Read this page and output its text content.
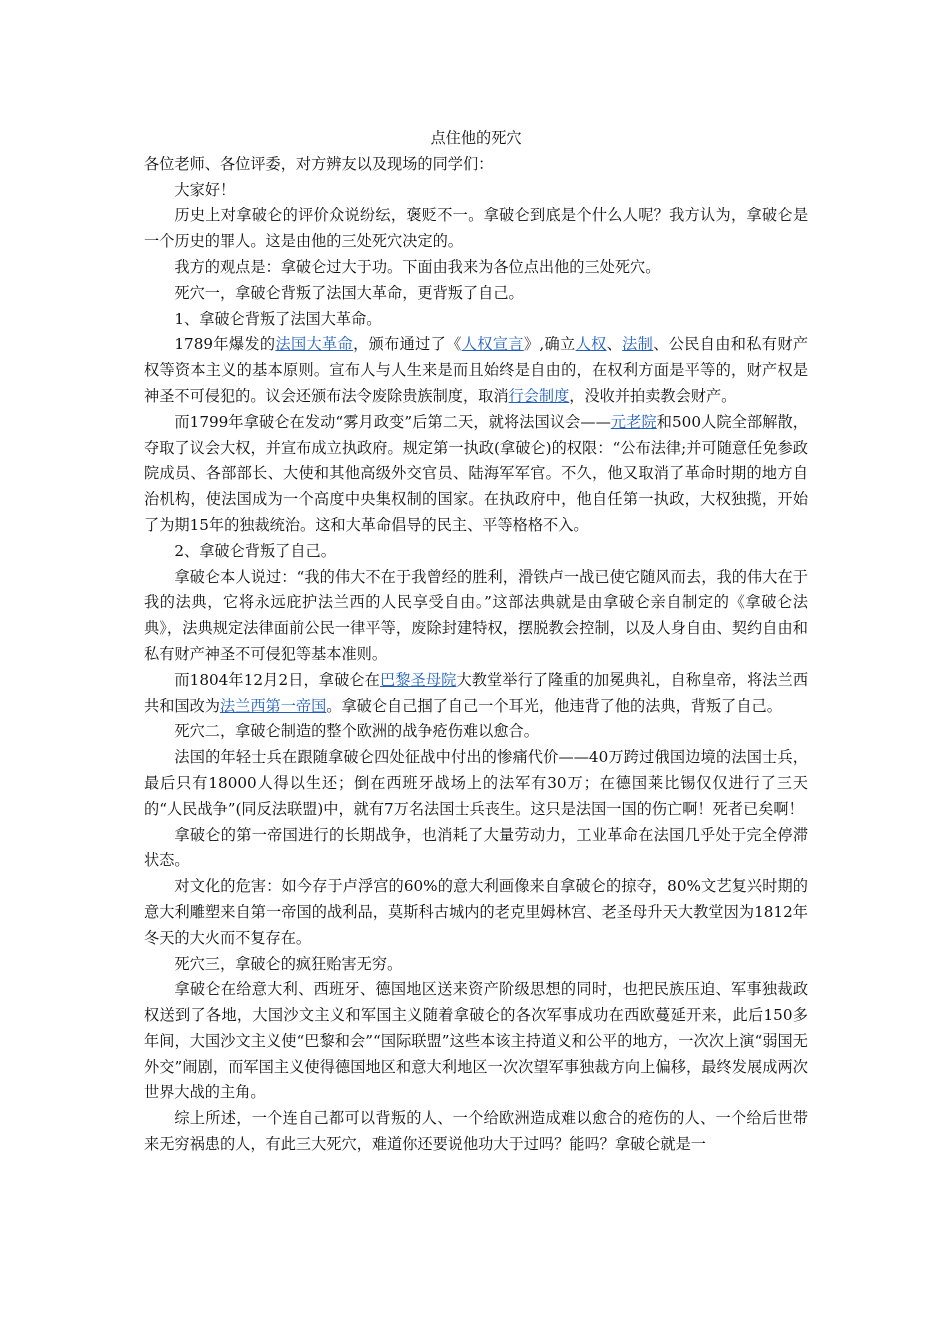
点住他的死穴

各位老师、各位评委，对方辨友以及现场的同学们：

大家好！

历史上对拿破仑的评价众说纷纭，褒贬不一。拿破仑到底是个什么人呢？我方认为，拿破仑是一个历史的罪人。这是由他的三处死穴决定的。

我方的观点是：拿破仑过大于功。下面由我来为各位点出他的三处死穴。

死穴一，拿破仑背叛了法国大革命，更背叛了自己。

1、拿破仑背叛了法国大革命。

1789年爆发的法国大革命，颁布通过了《人权宣言》,确立人权、法制、公民自由和私有财产权等资本主义的基本原则。宣布人与人生来是而且始终是自由的，在权利方面是平等的，财产权是神圣不可侵犯的。议会还颁布法令废除贵族制度，取消行会制度，没收并拍卖教会财产。

而1799年拿破仑在发动“雾月政变”后第二天，就将法国议会——元老院和500人院全部解散，夺取了议会大权，并宣布成立执政府。规定第一执政(拿破仑)的权限：“公布法律;并可随意任免参政院成员、各部部长、大使和其他高级外交官员、陆海军军官。不久，他又取消了革命时期的地方自治机构，使法国成为一个高度中央集权制的国家。在执政府中，他自任第一执政，大权独揽，开始了为期15年的独裁统治。这和大革命倡导的民主、平等格格不入。

2、拿破仑背叛了自己。

拿破仑本人说过：“我的伟大不在于我曾经的胜利，滑铁卢一战已使它随风而去，我的伟大在于我的法典，它将永远庇护法兰西的人民享受自由。”这部法典就是由拿破仑亲自制定的《拿破仑法典》，法典规定法律面前公民一律平等，废除封建特权，摆脱教会控制，以及人身自由、契约自由和私有财产神圣不可侵犯等基本准则。

而1804年12月2日，拿破仑在巴黎圣母院大教堂举行了隆重的加冕典礼，自称皇帝，将法兰西共和国改为法兰西第一帝国。拿破仑自己掴了自己一个耳光，他违背了他的法典，背叛了自己。

死穴二，拿破仑制造的整个欧洲的战争疮伤难以愈合。

法国的年轻士兵在跟随拿破仑四处征战中付出的惨痛代价——40万跨过俄国边境的法国士兵，最后只有18000人得以生还；倒在西班牙战场上的法军有30万；在德国莱比锡仅仅进行了三天的“人民战争”(同反法联盟)中，就有7万名法国士兵丧生。这只是法国一国的伤亡啊！死者已矣啊！

拿破仑的第一帝国进行的长期战争，也消耗了大量劳动力，工业革命在法国几乎处于完全停滞状态。

对文化的危害：如今存于卢浮宫的60%的意大利画像来自拿破仑的掠夺，80%文艺复兴时期的意大利雕塑来自第一帝国的战利品，莫斯科古城内的老克里姆林宫、老圣母升天大教堂因为1812年冬天的大火而不复存在。

死穴三，拿破仑的疯狂贻害无穷。

拿破仑在给意大利、西班牙、德国地区送来资产阶级思想的同时，也把民族压迫、军事独裁政权送到了各地，大国沙文主义和军国主义随着拿破仑的各次军事成功在西欧蔓延开来，此后150多年间，大国沙文主义使“巴黎和会”“国际联盟”这些本该主持道义和公平的地方，一次次上演“弱国无外交”闹剧，而军国主义使得德国地区和意大利地区一次次望军事独裁方向上偏移，最终发展成两次世界大战的主角。

综上所述，一个连自己都可以背叛的人、一个给欧洲造成难以愈合的疮伤的人、一个给后世带来无穷祸患的人，有此三大死穴，难道你还要说他功大于过吗？能吗？拿破仑就是一
